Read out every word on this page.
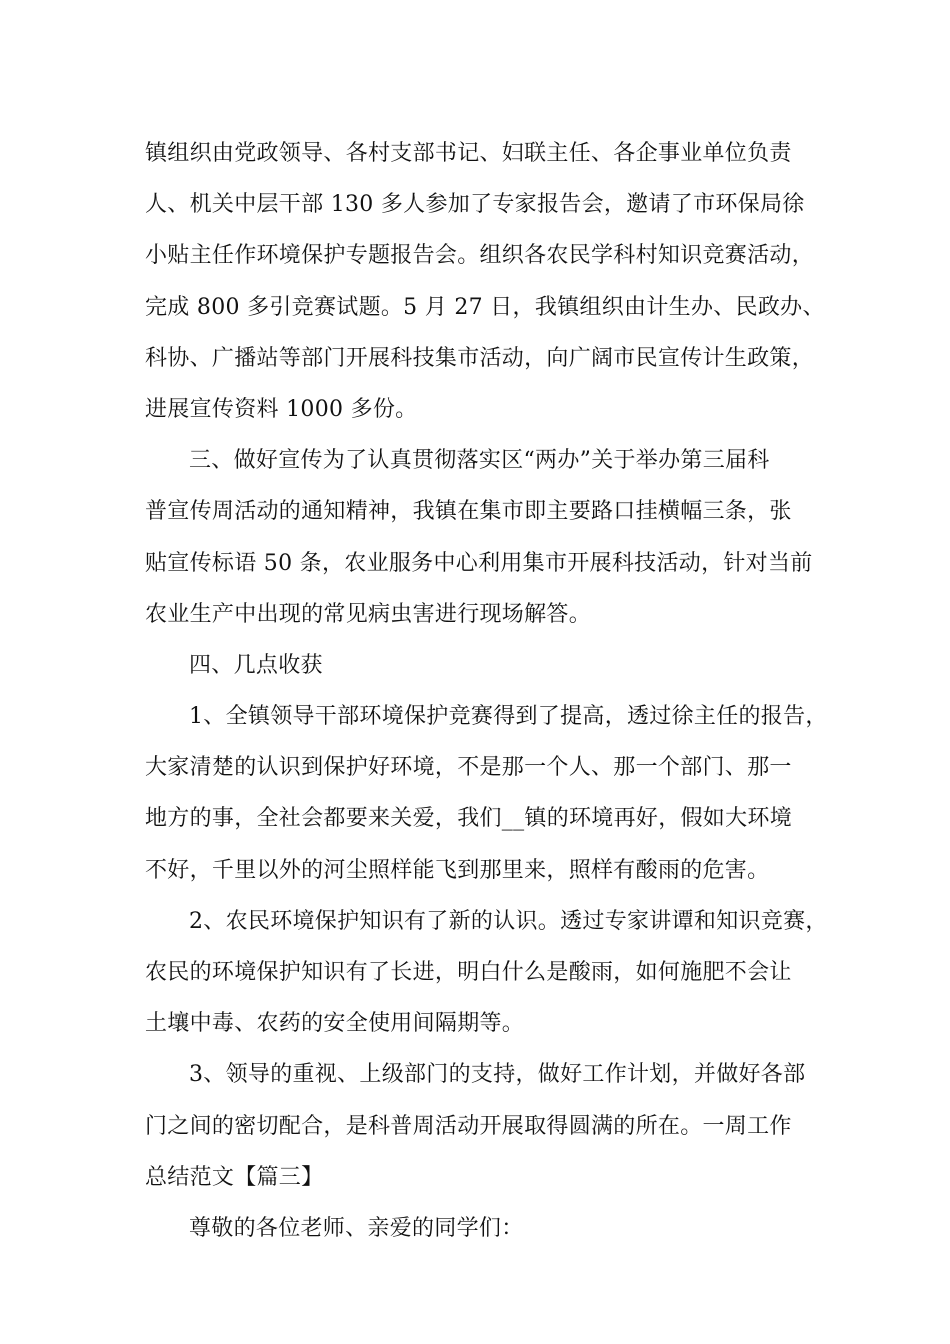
镇组织由党政领导、各村支部书记、妇联主任、各企事业单位负责
人、机关中层干部 130 多人参加了专家报告会，邀请了市环保局徐
小贴主任作环境保护专题报告会。组织各农民学科村知识竞赛活动，
完成 800 多引竞赛试题。5 月 27 日，我镇组织由计生办、民政办、
科协、广播站等部门开展科技集市活动，向广阔市民宣传计生政策，
进展宣传资料 1000 多份。
三、做好宣传为了认真贯彻落实区“两办”关于举办第三届科
普宣传周活动的通知精神，我镇在集市即主要路口挂横幅三条，张
贴宣传标语 50 条，农业服务中心利用集市开展科技活动，针对当前
农业生产中出现的常见病虫害进行现场解答。
四、几点收获
1、全镇领导干部环境保护竞赛得到了提高，透过徐主任的报告，
大家清楚的认识到保护好环境，不是那一个人、那一个部门、那一
地方的事，全社会都要来关爱，我们__镇的环境再好，假如大环境
不好，千里以外的河尘照样能飞到那里来，照样有酸雨的危害。
2、农民环境保护知识有了新的认识。透过专家讲谭和知识竞赛，
农民的环境保护知识有了长进，明白什么是酸雨，如何施肥不会让
土壤中毒、农药的安全使用间隔期等。
3、领导的重视、上级部门的支持，做好工作计划，并做好各部
门之间的密切配合，是科普周活动开展取得圆满的所在。一周工作
总结范文【篇三】
尊敬的各位老师、亲爱的同学们：
